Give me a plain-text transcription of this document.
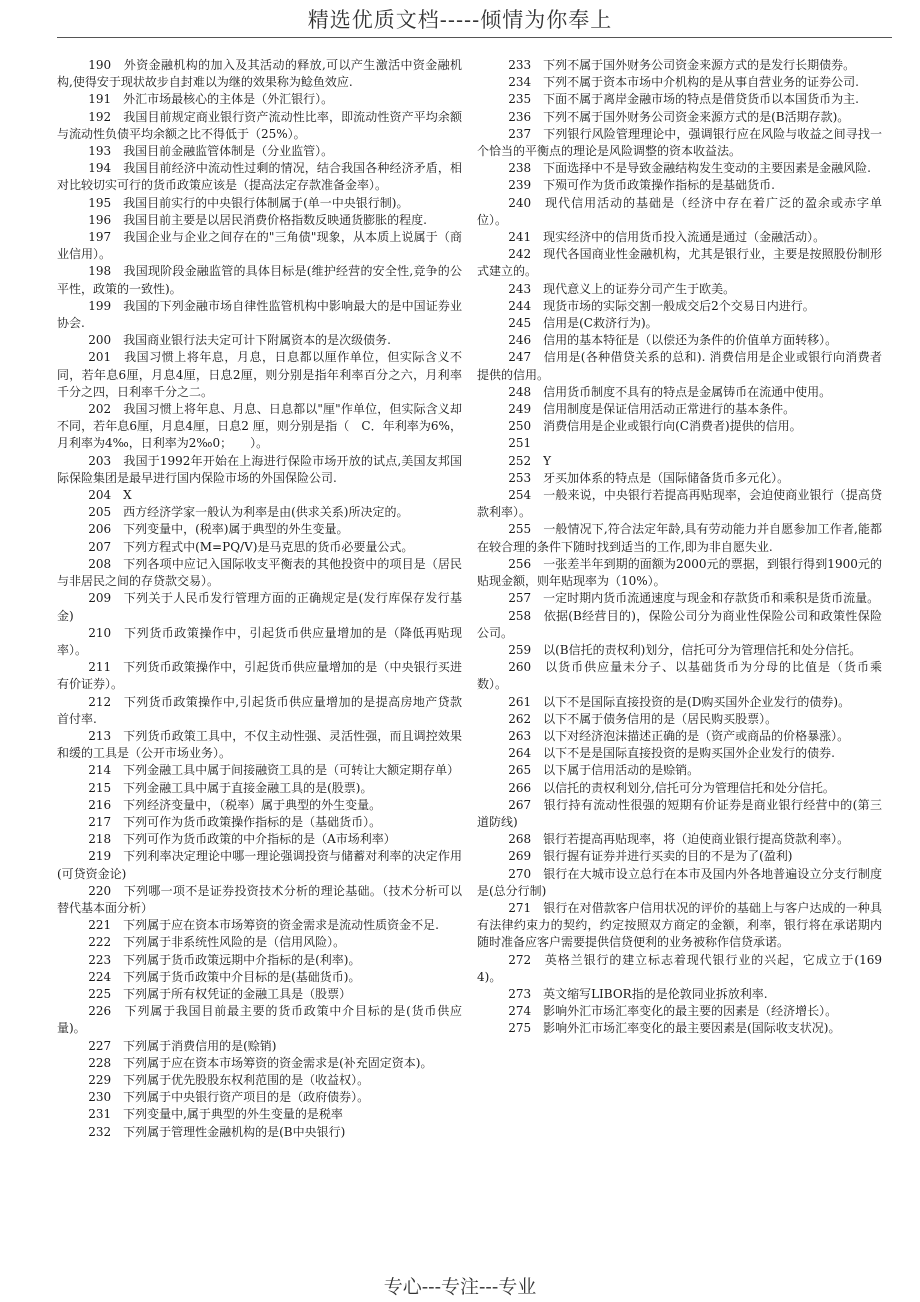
精选优质文档-----倾情为你奉上

190　外资金融机构的加入及其活动的释放,可以产生激活中资金融机构,使得安于现状故步自封难以为继的效果称为鲶鱼效应.

191　外汇市场最核心的主体是（外汇银行）。

192　我国目前规定商业银行资产流动性比率，即流动性资产平均余额与流动性负债平均余额之比不得低于（25%）。

193　我国目前金融监管体制是（分业监管）。

194　我国目前经济中流动性过剩的情况，结合我国各种经济矛盾，相对比较切实可行的货币政策应该是（提高法定存款准备金率）。

195　我国目前实行的中央银行体制属于(单一中央银行制)。

196　我国目前主要是以居民消费价格指数反映通货膨胀的程度.

197　我国企业与企业之间存在的"三角债"现象，从本质上说属于（商业信用）。

198　我国现阶段金融监管的具体目标是(维护经营的安全性,竞争的公平性，政策的一致性)。

199　我国的下列金融市场自律性监管机构中影响最大的是中国证券业协会.

200　我国商业银行法夫定可计下附属资本的是次级债务.

201　我国习惯上将年息，月息，日息都以厘作单位，但实际含义不同，若年息6厘，月息4厘，日息2厘，则分别是指年利率百分之六，月利率千分之四，日利率千分之二。

202　我国习惯上将年息、月息、日息都以"厘"作单位，但实际含义却不同，若年息6厘，月息4厘，日息2 厘，则分别是指（　C．年利率为6%，月利率为4‰，日利率为2‰0；　　）。

203　我国于1992年开始在上海进行保险市场开放的试点,美国友邦国际保险集团是最早进行国内保险市场的外国保险公司.

204　X

205　西方经济学家一般认为利率是由(供求关系)所决定的。

206　下列变量中，(税率)属于典型的外生变量。

207　下列方程式中(M=PQ/V)是马克思的货币必要量公式。

208　下列各项中应记入国际收支平衡表的其他投资中的项目是（居民与非居民之间的存贷款交易）。

209　下列关于人民币发行管理方面的正确规定是(发行库保存发行基金)

210　下列货币政策操作中，引起货币供应量增加的是（降低再贴现率）。

211　下列货币政策操作中，引起货币供应量增加的是（中央银行买进有价证券）。

212　下列货币政策操作中,引起货币供应量增加的是提高房地产贷款首付率.

213　下列货币政策工具中，不仅主动性强、灵活性强，而且调控效果和缓的工具是（公开市场业务）。

214　下列金融工具中属于间接融资工具的是（可转让大额定期存单）

215　下列金融工具中属于直接金融工具的是(股票)。

216　下列经济变量中，（税率）属于典型的外生变量。

217　下列可作为货币政策操作指标的是（基础货币）。

218　下列可作为货币政策的中介指标的是（A市场利率）

219　下列利率决定理论中哪一理论强调投资与储蓄对利率的决定作用(可贷资金论)

220　下列哪一项不是证券投资技术分析的理论基础。（技术分析可以替代基本面分析）

221　下列属于应在资本市场筹资的资金需求是流动性质资金不足.

222　下列属于非系统性风险的是（信用风险）。

223　下列属于货币政策远期中介指标的是(利率)。

224　下列属于货币政策中介目标的是(基础货币)。

225　下列属于所有权凭证的金融工具是（股票）

226　下列属于我国目前最主要的货币政策中介目标的是(货币供应量)。

227　下列属于消费信用的是(赊销)

228　下列属于应在资本市场筹资的资金需求是(补充固定资本)。

229　下列属于优先股股东权利范围的是（收益权）。

230　下列属于中央银行资产项目的是（政府债券）。

231　下列变量中,属于典型的外生变量的是税率

232　下列属于管理性金融机构的是(B中央银行)

233　下列不属于国外财务公司资金来源方式的是发行长期债券。

234　下列不属于资本市场中介机构的是从事自营业务的证券公司.

235　下面不属于离岸金融市场的特点是借贷货币以本国货币为主.

236　下列不属于国外财务公司资金来源方式的是(B活期存款)。

237　下列银行风险管理理论中，强调银行应在风险与收益之间寻找一个恰当的平衡点的理论是风险调整的资本收益法。

238　下面选择中不是导致金融结构发生变动的主要因素是金融风险.

239　下殒可作为货币政策操作指标的是基础货币.

240　现代信用活动的基础是（经济中存在着广泛的盈余或赤字单位）。

241　现实经济中的信用货币投入流通是通过（金融活动）。

242　现代各国商业性金融机构，尤其是银行业，主要是按照股份制形式建立的。

243　现代意义上的证券分司产生于欧美。

244　现货市场的实际交割一般成交后2个交易日内进行。

245　信用是(C救济行为)。

246　信用的基本特征是（以偿还为条件的价值单方面转移）。

247　信用是(各种借贷关系的总和). 消费信用是企业或银行向消费者提供的信用。

248　信用货币制度不具有的特点是金属铸币在流通中使用。

249　信用制度是保证信用活动正常进行的基本条件。

250　消费信用是企业或银行向(C消费者)提供的信用。

251

252　Y

253　牙买加体系的特点是（国际储备货币多元化）。

254　一般来说，中央银行若提高再贴现率，会迫使商业银行（提高贷款利率）。

255　一般情况下,符合法定年龄,具有劳动能力并自愿参加工作者,能都在较合理的条件下随时找到适当的工作,即为非自愿失业.

256　一张差半年到期的面额为2000元的票据，到银行得到1900元的贴现金额，则年贴现率为（10%）。

257　一定时期内货币流通速度与现金和存款货币和乘积是货币流量。

258　依据(B经营目的)，保险公司分为商业性保险公司和政策性保险公司。

259　以(B信托的责权利)划分，信托可分为管理信托和处分信托。

260　以货币供应量未分子、以基础货币为分母的比值是（货币乘数）。

261　以下不是国际直接投资的是(D购买国外企业发行的债券)。

262　以下不属于债务信用的是（居民购买股票）。

263　以下对经济泡沫描述正确的是（资产或商品的价格暴涨）。

264　以下不是是国际直接投资的是购买国外企业发行的债券.

265　以下属于信用活动的是赊销。

266　以信托的责权利划分,信托可分为管理信托和处分信托。

267　银行持有流动性很强的短期有价证券是商业银行经营中的(第三道防线)

268　银行若提高再贴现率，将（迫使商业银行提高贷款利率）。

269　银行握有证券并进行买卖的目的不是为了(盈利)

270　银行在大城市设立总行在本市及国内外各地普遍设立分支行制度是(总分行制)

271　银行在对借款客户信用状况的评价的基础上与客户达成的一种具有法律约束力的契约，约定按照双方商定的金额，利率，银行将在承诺期内随时准备应客户需要提供信贷便利的业务被称作信贷承诺。

272　英格兰银行的建立标志着现代银行业的兴起，它成立于(1694)。

273　英文缩写LIBOR指的是伦敦同业拆放利率.

274　影响外汇市场汇率变化的最主要的因素是（经济增长）。

275　影响外汇市场汇率变化的最主要因素是(国际收支状况)。

专心---专注---专业
